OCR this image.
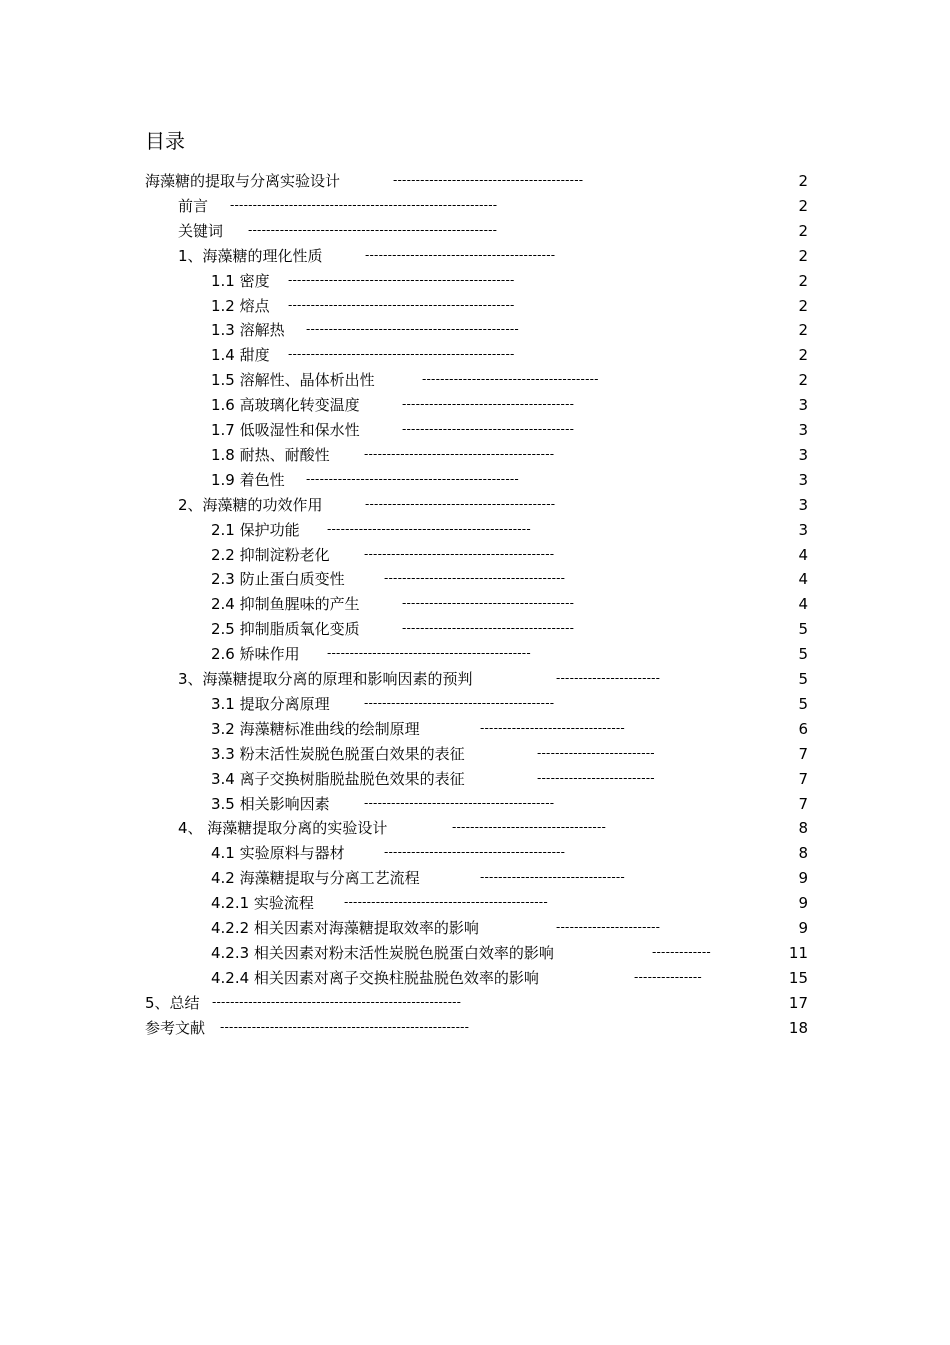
目录
海藻糖的提取与分离实验设计	------------------------------------------	2
前言 -----------------------------------------------------------	2
关键词 -------------------------------------------------------	2
1、海藻糖的理化性质	------------------------------------------	2
1.1 密度 --------------------------------------------------	2
1.2 熔点 --------------------------------------------------	2
1.3 溶解热 -----------------------------------------------	2
1.4 甜度 --------------------------------------------------	2
1.5 溶解性、晶体析出性	---------------------------------------	2
1.6 高玻璃化转变温度	--------------------------------------	3
1.7 低吸湿性和保水性	--------------------------------------	3
1.8 耐热、耐酸性	------------------------------------------	3
1.9 着色性 -----------------------------------------------	3
2、海藻糖的功效作用	------------------------------------------	3
2.1 保护功能 ---------------------------------------------	3
2.2 抑制淀粉老化	------------------------------------------	4
2.3 防止蛋白质变性	----------------------------------------	4
2.4 抑制鱼腥味的产生	--------------------------------------	4
2.5 抑制脂质氧化变质	--------------------------------------	5
2.6 矫味作用 ---------------------------------------------	5
3、海藻糖提取分离的原理和影响因素的预判	-----------------------	5
3.1 提取分离原理	------------------------------------------	5
3.2 海藻糖标准曲线的绘制原理	--------------------------------	6
3.3 粉末活性炭脱色脱蛋白效果的表征	--------------------------	7
3.4 离子交换树脂脱盐脱色效果的表征	--------------------------	7
3.5 相关影响因素	------------------------------------------	7
4、 海藻糖提取分离的实验设计	----------------------------------	8
4.1 实验原料与器材	----------------------------------------	8
4.2 海藻糖提取与分离工艺流程	--------------------------------	9
4.2.1 实验流程	---------------------------------------------	9
4.2.2 相关因素对海藻糖提取效率的影响	-----------------------	9
4.2.3 相关因素对粉末活性炭脱色脱蛋白效率的影响	-------------	11
4.2.4 相关因素对离子交换柱脱盐脱色效率的影响	---------------	15
5、总结 -------------------------------------------------------	17
参考文献 -------------------------------------------------------	18
